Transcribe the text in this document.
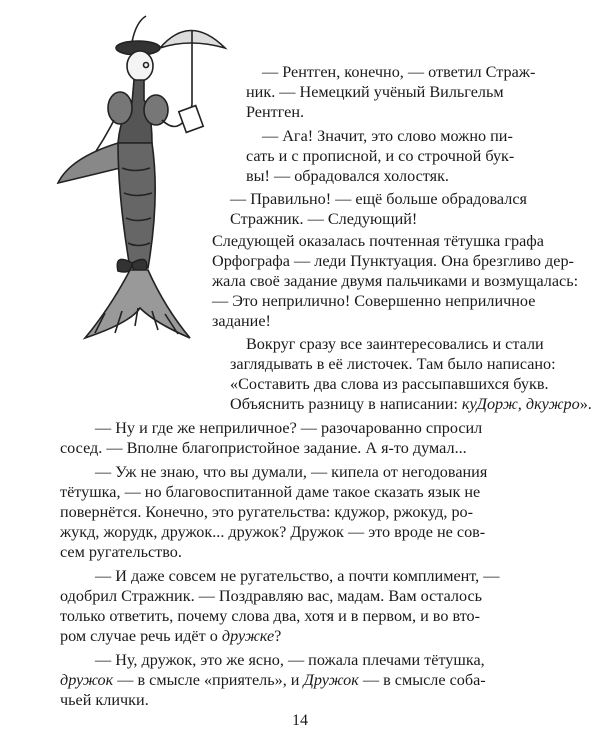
— Рентген, конечно, — ответил Страж-
ник. — Немецкий учёный Вильгельм
Рентген.
— Ага! Значит, это слово можно пи-
сать и с прописной, и со строчной бук-
вы! — обрадовался холостяк.
— Правильно! — ещё больше обрадовался
Стражник. — Следующий!
Следующей оказалась почтенная тётушка графа
Орфографа — леди Пунктуация. Она брезгливо дер-
жала своё задание двумя пальчиками и возмущалась:
— Это неприлично! Совершенно неприличное
задание!
Вокруг сразу все заинтересовались и стали
заглядывать в её листочек. Там было написано:
«Составить два слова из рассыпавшихся букв.
Объяснить разницу в написании: куДорж, дкужро».
— Ну и где же неприличное? — разочарованно спросил
сосед. — Вполне благопристойное задание. А я-то думал...
— Уж не знаю, что вы думали, — кипела от негодования
тётушка, — но благовоспитанной даме такое сказать язык не
повернётся. Конечно, это ругательства: кдужор, ржокуд, ро-
жукд, жорудк, дружок... дружок? Дружок — это вроде не сов-
сем ругательство.
— И даже совсем не ругательство, а почти комплимент, —
одобрил Стражник. — Поздравляю вас, мадам. Вам осталось
только ответить, почему слова два, хотя и в первом, и во вто-
ром случае речь идёт о дружке?
— Ну, дружок, это же ясно, — пожала плечами тётушка,
дружок — в смысле «приятель», и Дружок — в смысле соба-
чьей клички.
14
